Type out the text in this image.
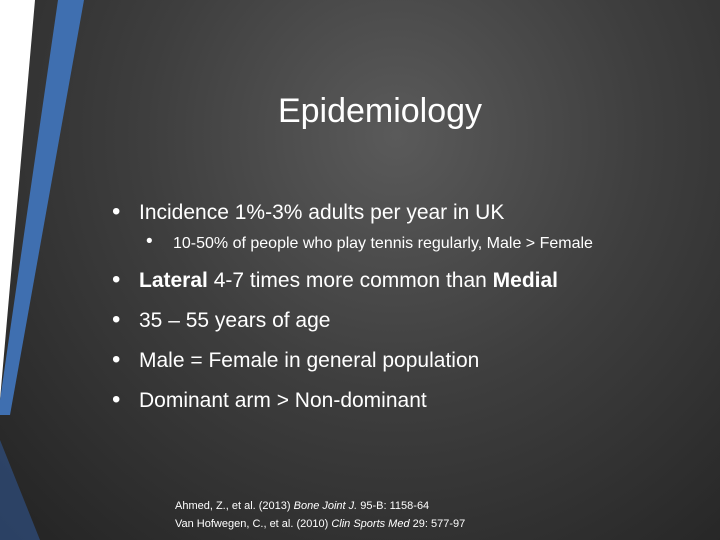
Epidemiology
• Incidence 1%-3% adults per year in UK
• 10-50% of people who play tennis regularly, Male > Female
• Lateral 4-7 times more common than Medial
• 35 – 55 years of age
• Male = Female in general population
• Dominant arm > Non-dominant
Ahmed, Z., et al. (2013) Bone Joint J. 95-B: 1158-64
Van Hofwegen, C., et al. (2010) Clin Sports Med 29: 577-97
